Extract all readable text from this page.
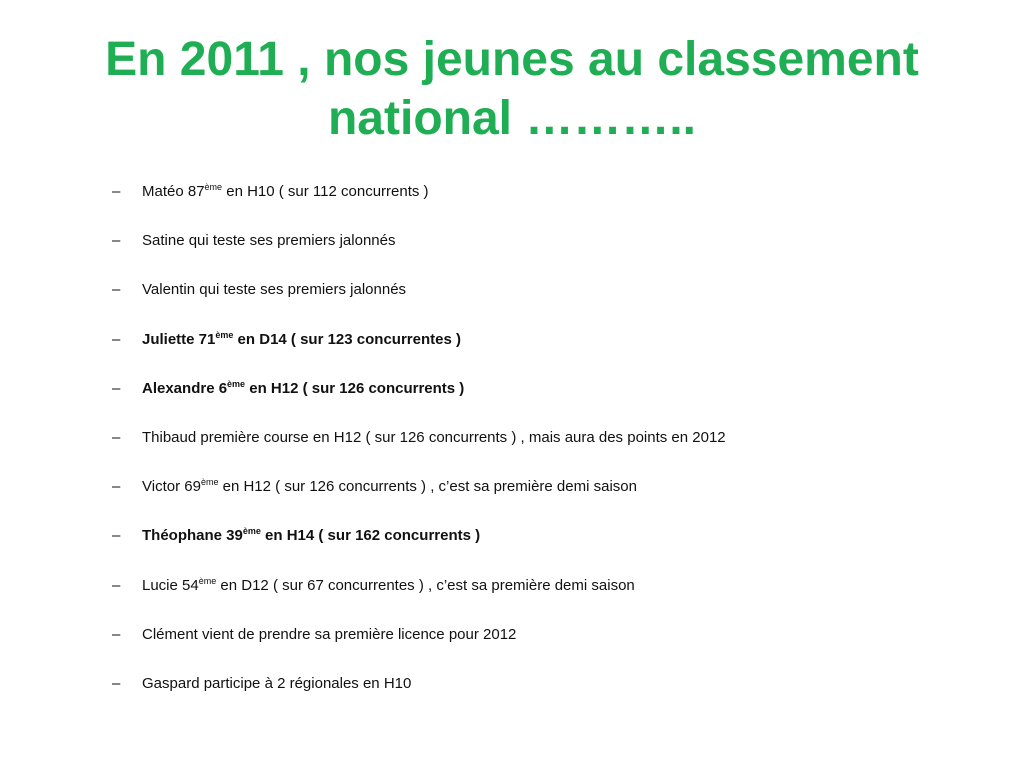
En 2011 , nos jeunes au classement
national ………..
– Matéo 87ème en H10 ( sur 112 concurrents )
– Satine qui teste ses premiers jalonnés
– Valentin qui teste ses premiers jalonnés
– Juliette 71ème en D14 ( sur 123 concurrentes )
– Alexandre 6ème en H12 ( sur 126 concurrents )
– Thibaud première course en H12 ( sur 126 concurrents ) , mais aura des points en 2012
– Victor 69ème en H12 ( sur 126 concurrents ) , c’est sa première demi saison
– Théophane 39ème en H14 ( sur 162 concurrents )
– Lucie 54ème en D12 ( sur 67 concurrentes ) , c’est sa première demi saison
– Clément vient de prendre sa première licence pour 2012
– Gaspard participe à 2 régionales en H10
